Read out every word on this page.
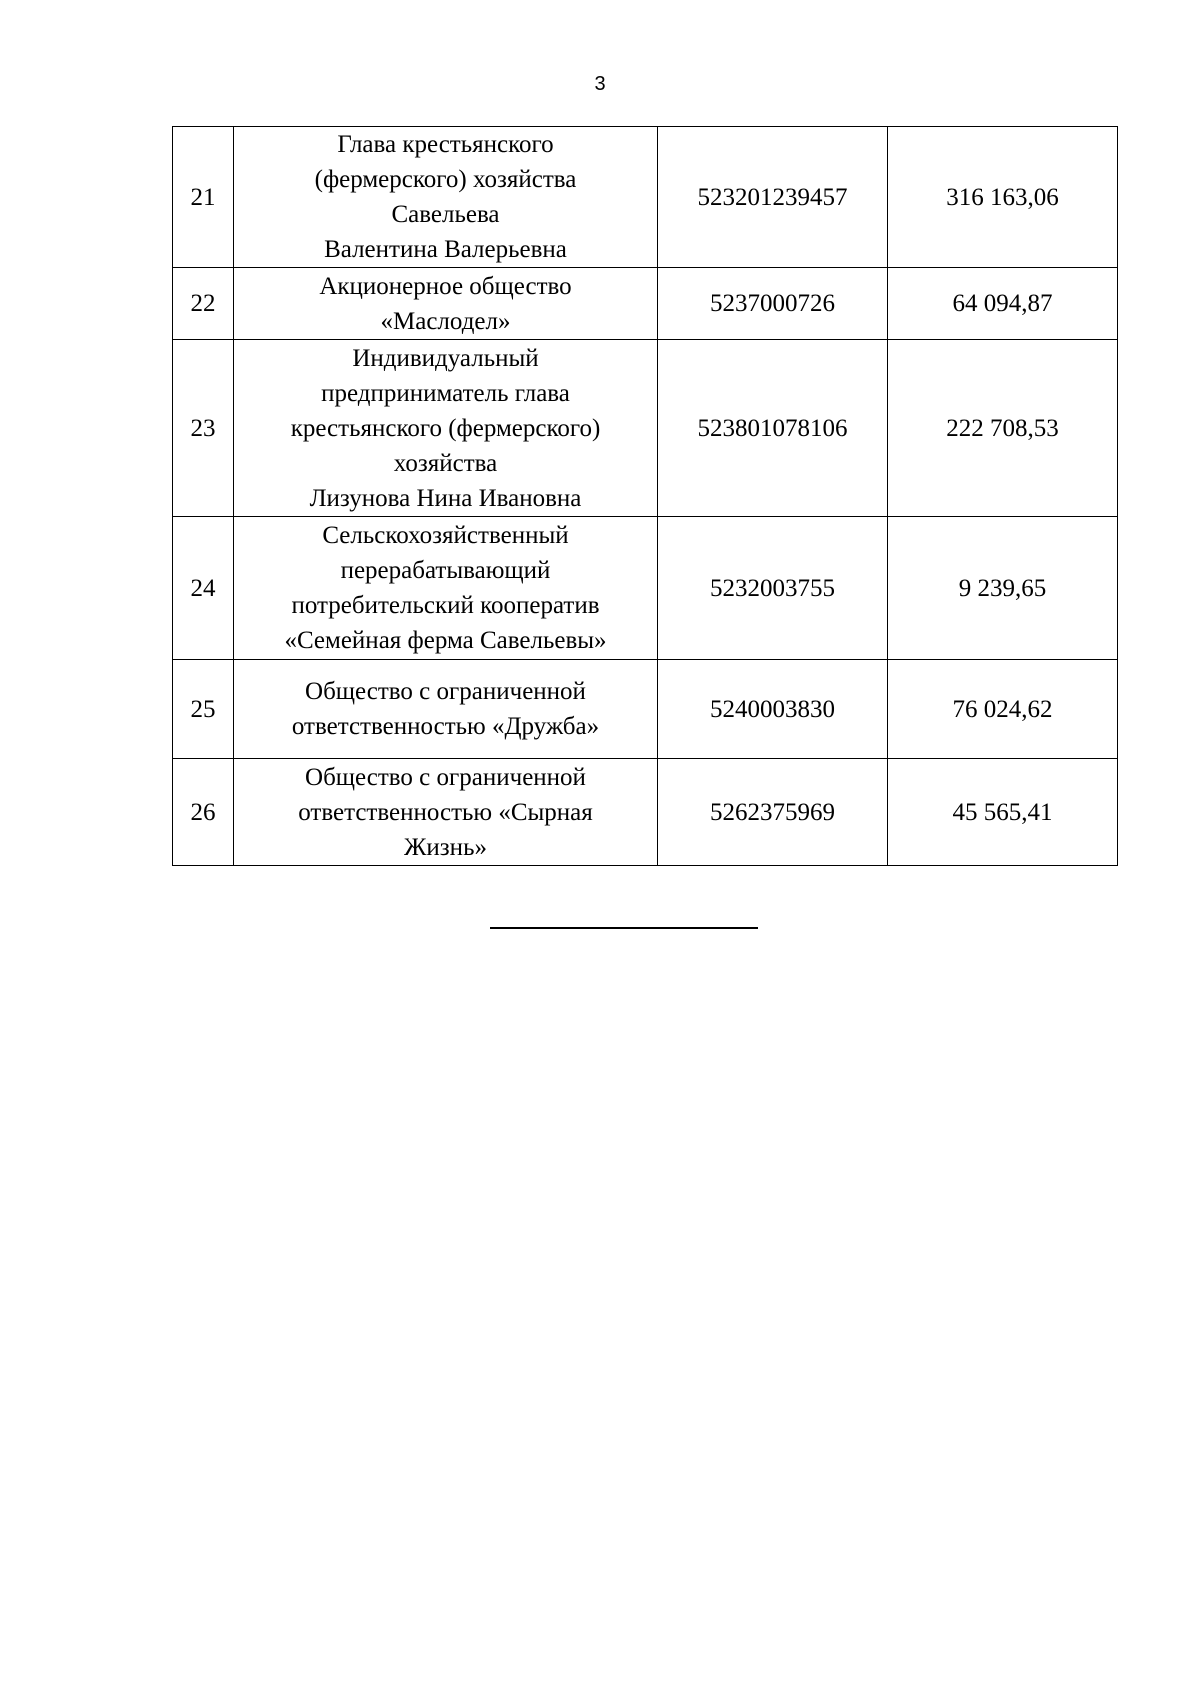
3
21	Глава крестьянского
(фермерского) хозяйства
Савельева
Валентина Валерьевна	523201239457	316 163,06
22	Акционерное общество
«Маслодел»	5237000726	64 094,87
23	Индивидуальный
предприниматель глава
крестьянского (фермерского)
хозяйства
Лизунова Нина Ивановна	523801078106	222 708,53
24	Сельскохозяйственный
перерабатывающий
потребительский кооператив
«Семейная ферма Савельевы»	5232003755	9 239,65
25	Общество с ограниченной
ответственностью «Дружба»	5240003830	76 024,62
26	Общество с ограниченной
ответственностью «Сырная
Жизнь»	5262375969	45 565,41
